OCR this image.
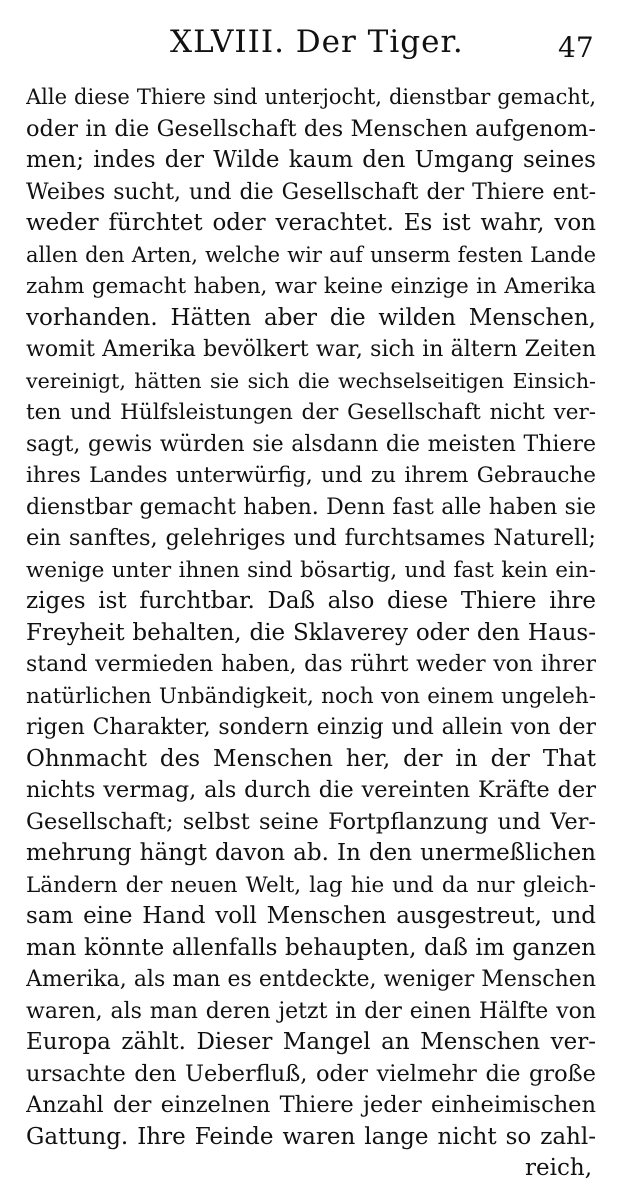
XLVIII. Der Tiger.	47
Alle diese Thiere sind unterjocht, dienstbar gemacht,
oder in die Gesellschaft des Menschen aufgenom-
men; indes der Wilde kaum den Umgang seines
Weibes sucht, und die Gesellschaft der Thiere ent-
weder fürchtet oder verachtet. Es ist wahr, von
allen den Arten, welche wir auf unserm festen Lande
zahm gemacht haben, war keine einzige in Amerika
vorhanden. Hätten aber die wilden Menschen,
womit Amerika bevölkert war, sich in ältern Zeiten
vereinigt, hätten sie sich die wechselseitigen Einsich-
ten und Hülfsleistungen der Gesellschaft nicht ver-
sagt, gewis würden sie alsdann die meisten Thiere
ihres Landes unterwürfig, und zu ihrem Gebrauche
dienstbar gemacht haben. Denn fast alle haben sie
ein sanftes, gelehriges und furchtsames Naturell;
wenige unter ihnen sind bösartig, und fast kein ein-
ziges ist furchtbar. Daß also diese Thiere ihre
Freyheit behalten, die Sklaverey oder den Haus-
stand vermieden haben, das rührt weder von ihrer
natürlichen Unbändigkeit, noch von einem ungeleh-
rigen Charakter, sondern einzig und allein von der
Ohnmacht des Menschen her, der in der That
nichts vermag, als durch die vereinten Kräfte der
Gesellschaft; selbst seine Fortpflanzung und Ver-
mehrung hängt davon ab. In den unermeßlichen
Ländern der neuen Welt, lag hie und da nur gleich-
sam eine Hand voll Menschen ausgestreut, und
man könnte allenfalls behaupten, daß im ganzen
Amerika, als man es entdeckte, weniger Menschen
waren, als man deren jetzt in der einen Hälfte von
Europa zählt. Dieser Mangel an Menschen ver-
ursachte den Ueberfluß, oder vielmehr die große
Anzahl der einzelnen Thiere jeder einheimischen
Gattung. Ihre Feinde waren lange nicht so zahl-
reich,
